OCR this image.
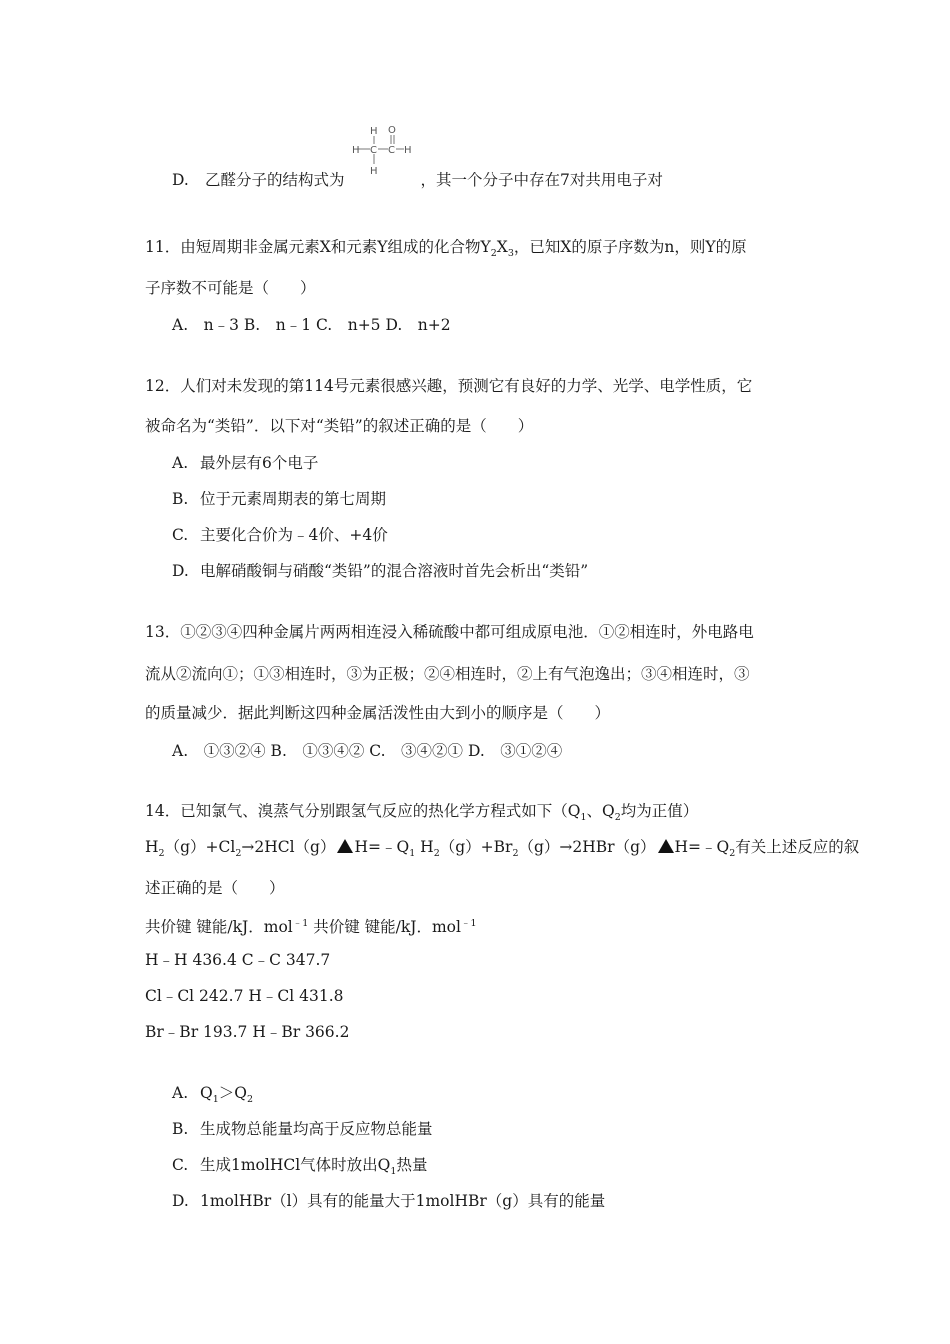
H C C H
H
H
O
D. 乙醛分子的结构式为	，其一个分子中存在7对共用电子对
11．由短周期非金属元素X和元素Y组成的化合物$Y_2X_3$，已知X的原子序数为n，则Y的原
子序数不可能是（　　）
A.　n﹣3 B.　n﹣1 C.　n+5 D.　n+2
12．人们对未发现的第114号元素很感兴趣，预测它有良好的力学、光学、电学性质，它
被命名为“类铅”．以下对“类铅”的叙述正确的是（　　）
A. 最外层有6个电子
B. 位于元素周期表的第七周期
C. 主要化合价为﹣4价、+4价
D. 电解硝酸铜与硝酸“类铅”的混合溶液时首先会析出“类铅”
13．①②③④四种金属片两两相连浸入稀硫酸中都可组成原电池．①②相连时，外电路电
流从②流向①；①③相连时，③为正极；②④相连时，②上有气泡逸出；③④相连时，③
的质量减少．据此判断这四种金属活泼性由大到小的顺序是（　　）
A.　①③②④ B.　①③④② C.　③④②① D.　③①②④
14．已知氯气、溴蒸气分别跟氢气反应的热化学方程式如下（$Q_1$、$Q_2$均为正值）
$H_2(g)+Cl_2\to 2HCl(g)$ $H=﹣Q_1$ $H_2(g)+Br_2(g)\to 2HBr(g)$ $H=﹣Q_2$有关上述反应的叙
述正确的是（　　）
共价键 键能/kJ．mol$^{﹣1}$ 共价键 键能/kJ．mol$^{﹣1}$
H﹣H 436.4 C﹣C 347.7
Cl﹣Cl 242.7 H﹣Cl 431.8
Br﹣Br 193.7 H﹣Br 366.2
A. $Q_1>Q_2$
B. 生成物总能量均高于反应物总能量
C. 生成1molHCl气体时放出$Q_1$热量
D. 1molHBr（l）具有的能量大于1molHBr（g）具有的能量
